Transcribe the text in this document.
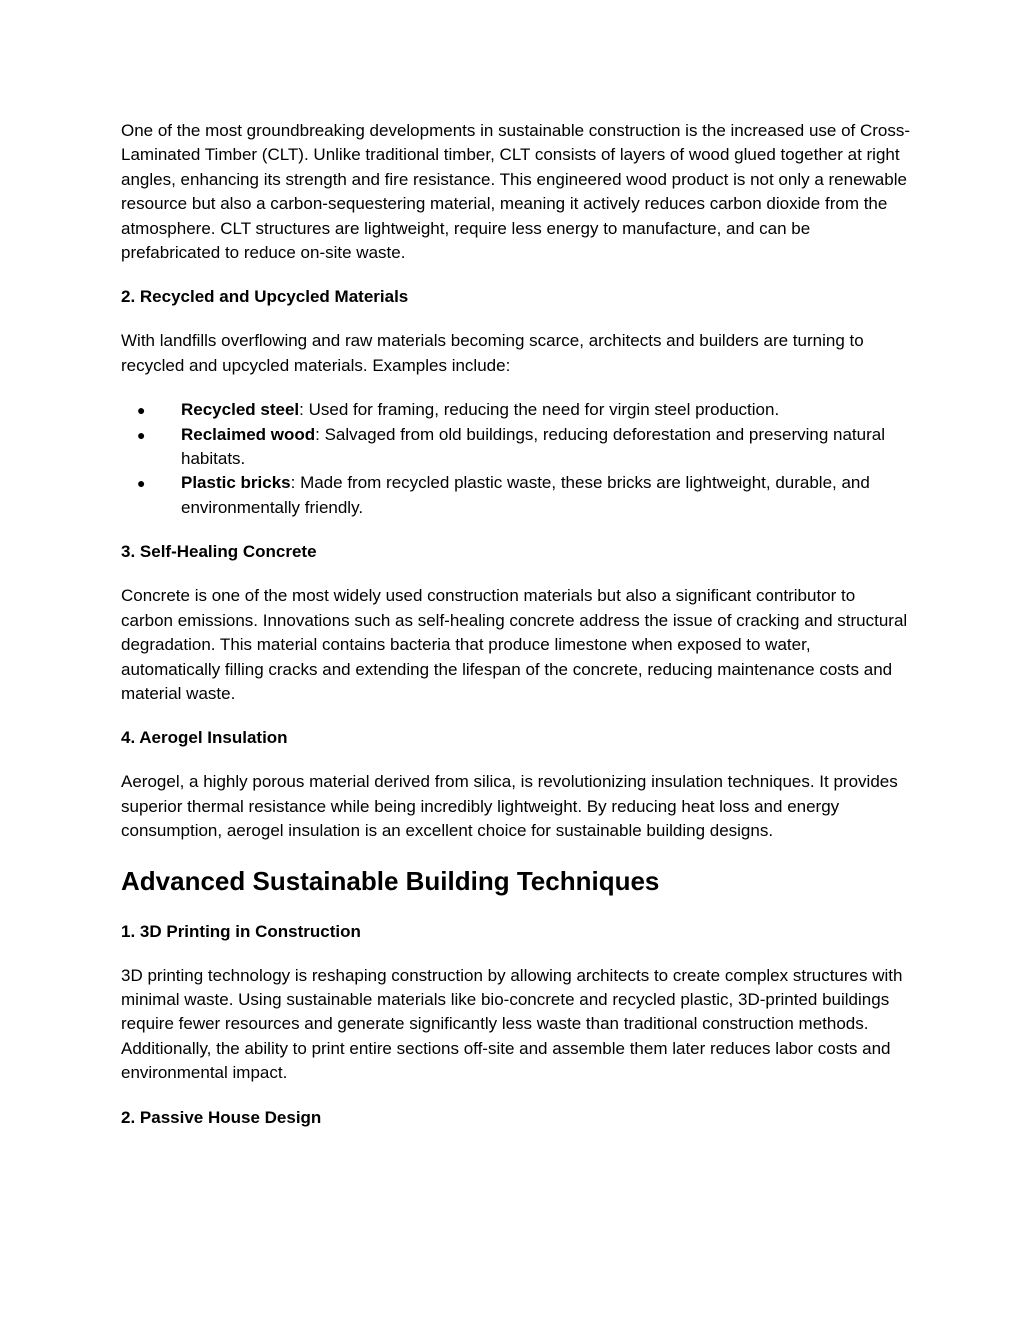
One of the most groundbreaking developments in sustainable construction is the increased use of Cross-Laminated Timber (CLT). Unlike traditional timber, CLT consists of layers of wood glued together at right angles, enhancing its strength and fire resistance. This engineered wood product is not only a renewable resource but also a carbon-sequestering material, meaning it actively reduces carbon dioxide from the atmosphere. CLT structures are lightweight, require less energy to manufacture, and can be prefabricated to reduce on-site waste.

2. Recycled and Upcycled Materials

With landfills overflowing and raw materials becoming scarce, architects and builders are turning to recycled and upcycled materials. Examples include:

● Recycled steel: Used for framing, reducing the need for virgin steel production.
● Reclaimed wood: Salvaged from old buildings, reducing deforestation and preserving natural habitats.
● Plastic bricks: Made from recycled plastic waste, these bricks are lightweight, durable, and environmentally friendly.
3. Self-Healing Concrete

Concrete is one of the most widely used construction materials but also a significant contributor to carbon emissions. Innovations such as self-healing concrete address the issue of cracking and structural degradation. This material contains bacteria that produce limestone when exposed to water, automatically filling cracks and extending the lifespan of the concrete, reducing maintenance costs and material waste.

4. Aerogel Insulation

Aerogel, a highly porous material derived from silica, is revolutionizing insulation techniques. It provides superior thermal resistance while being incredibly lightweight. By reducing heat loss and energy consumption, aerogel insulation is an excellent choice for sustainable building designs.

Advanced Sustainable Building Techniques
1. 3D Printing in Construction

3D printing technology is reshaping construction by allowing architects to create complex structures with minimal waste. Using sustainable materials like bio-concrete and recycled plastic, 3D-printed buildings require fewer resources and generate significantly less waste than traditional construction methods. Additionally, the ability to print entire sections off-site and assemble them later reduces labor costs and environmental impact.

2. Passive House Design
